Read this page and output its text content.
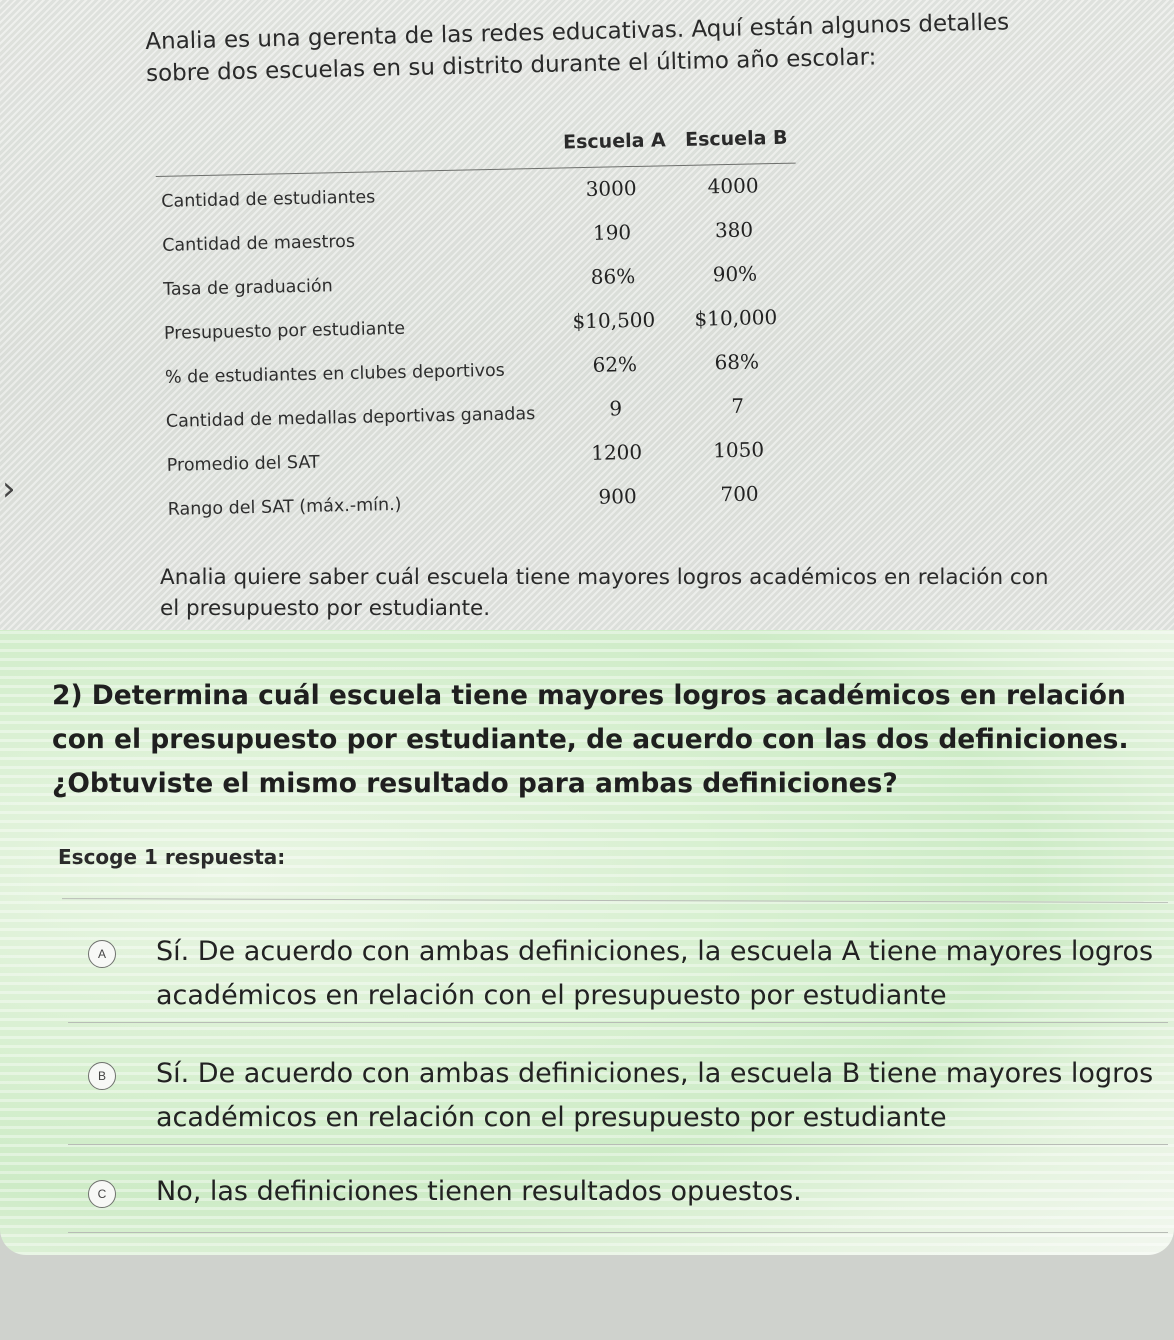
›
Analia es una gerenta de las redes educativas. Aquí están algunos detalles sobre dos escuelas en su distrito durante el último año escolar:
Escuela A Escuela B
Cantidad de estudiantes	3000	4000
Cantidad de maestros	190	380
Tasa de graduación	86%	90%
Presupuesto por estudiante	$10,500 $10,000
% de estudiantes en clubes deportivos	62%	68%
Cantidad de medallas deportivas ganadas	9	7
Promedio del SAT	1200	1050
Rango del SAT (máx.-mín.)	900	700
Analia quiere saber cuál escuela tiene mayores logros académicos en relación con el presupuesto por estudiante.
2) Determina cuál escuela tiene mayores logros académicos en relación con el presupuesto por estudiante, de acuerdo con las dos definiciones. ¿Obtuviste el mismo resultado para ambas definiciones?
Escoge 1 respuesta:
A	Sí. De acuerdo con ambas definiciones, la escuela A tiene mayores logros académicos en relación con el presupuesto por estudiante
B	Sí. De acuerdo con ambas definiciones, la escuela B tiene mayores logros académicos en relación con el presupuesto por estudiante
C	No, las definiciones tienen resultados opuestos.
